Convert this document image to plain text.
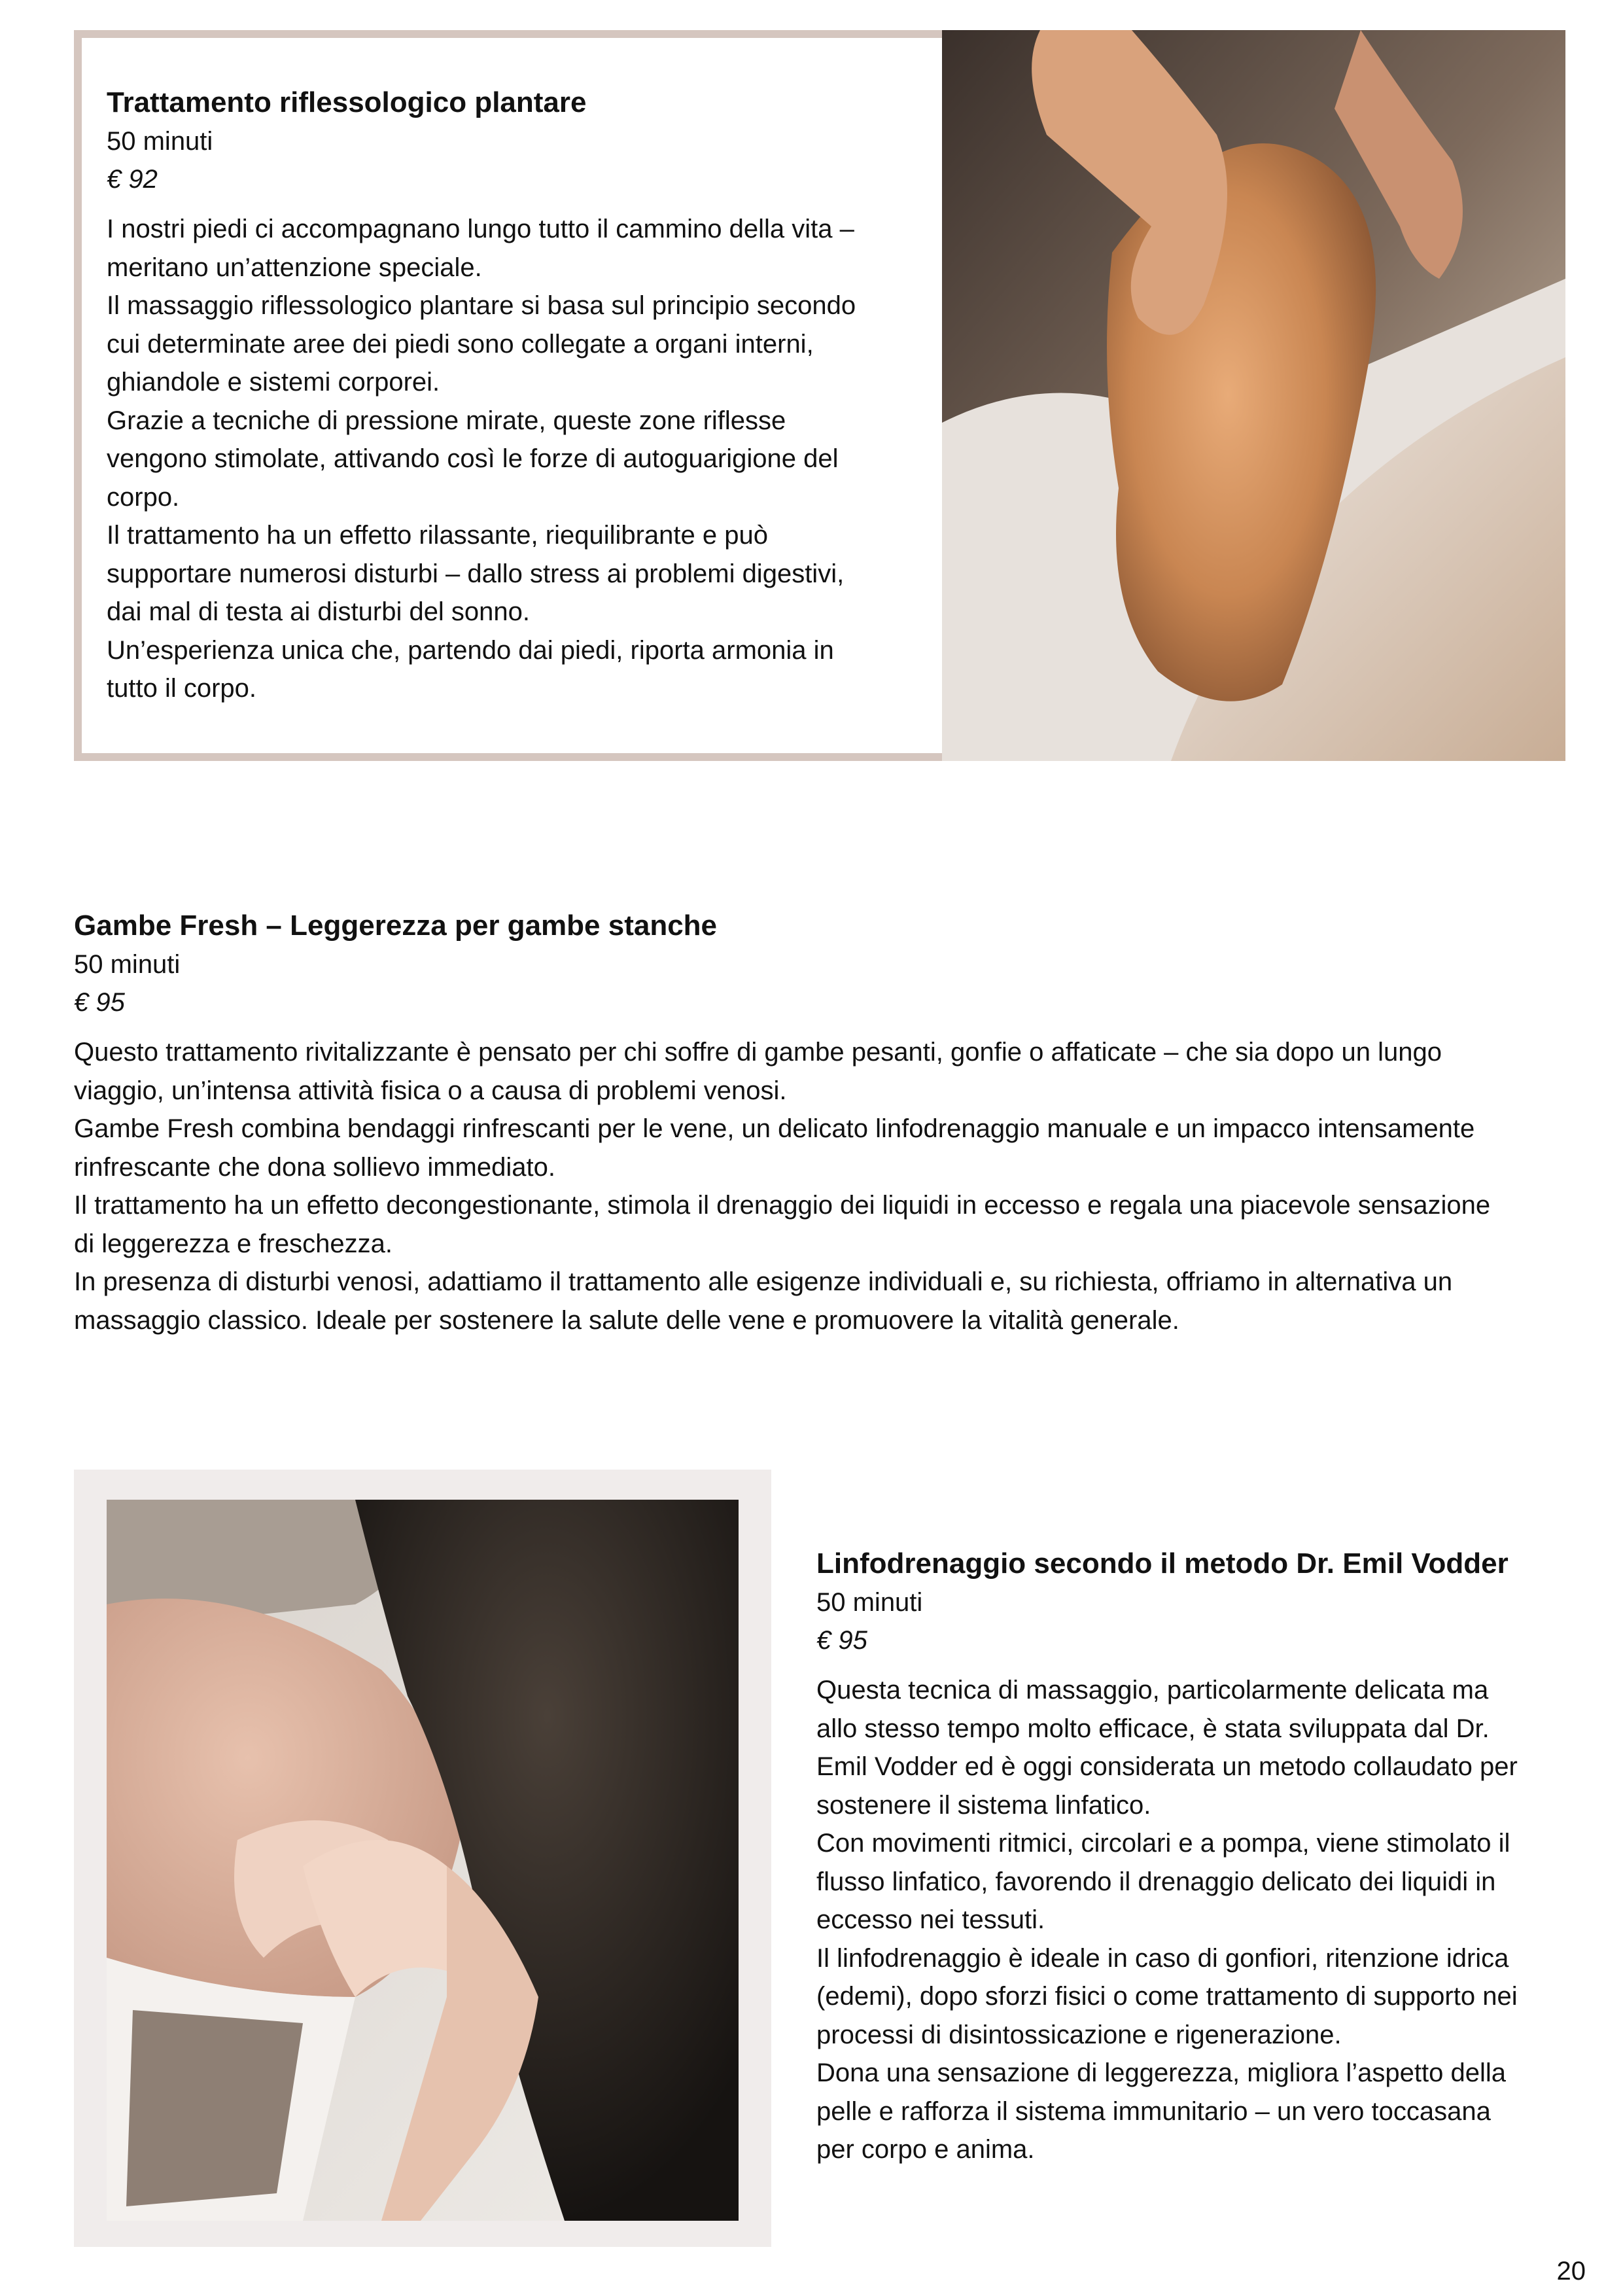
Trattamento riflessologico plantare

50 minuti

€ 92

I nostri piedi ci accompagnano lungo tutto il cammino della vita –
meritano un’attenzione speciale.
Il massaggio riflessologico plantare si basa sul principio secondo
cui determinate aree dei piedi sono collegate a organi interni,
ghiandole e sistemi corporei.
Grazie a tecniche di pressione mirate, queste zone riflesse
vengono stimolate, attivando così le forze di autoguarigione del
corpo.
Il trattamento ha un effetto rilassante, riequilibrante e può
supportare numerosi disturbi – dallo stress ai problemi digestivi,
dai mal di testa ai disturbi del sonno.
Un’esperienza unica che, partendo dai piedi, riporta armonia in
tutto il corpo.

Gambe Fresh – Leggerezza per gambe stanche

50 minuti

€ 95

Questo trattamento rivitalizzante è pensato per chi soffre di gambe pesanti, gonfie o affaticate – che sia dopo un lungo
viaggio, un’intensa attività fisica o a causa di problemi venosi.
Gambe Fresh combina bendaggi rinfrescanti per le vene, un delicato linfodrenaggio manuale e un impacco intensamente
rinfrescante che dona sollievo immediato.
Il trattamento ha un effetto decongestionante, stimola il drenaggio dei liquidi in eccesso e regala una piacevole sensazione
di leggerezza e freschezza.
In presenza di disturbi venosi, adattiamo il trattamento alle esigenze individuali e, su richiesta, offriamo in alternativa un
massaggio classico. Ideale per sostenere la salute delle vene e promuovere la vitalità generale.

Linfodrenaggio secondo il metodo Dr. Emil Vodder

50 minuti

€ 95

Questa tecnica di massaggio, particolarmente delicata ma
allo stesso tempo molto efficace, è stata sviluppata dal Dr.
Emil Vodder ed è oggi considerata un metodo collaudato per
sostenere il sistema linfatico.
Con movimenti ritmici, circolari e a pompa, viene stimolato il
flusso linfatico, favorendo il drenaggio delicato dei liquidi in
eccesso nei tessuti.
Il linfodrenaggio è ideale in caso di gonfiori, ritenzione idrica
(edemi), dopo sforzi fisici o come trattamento di supporto nei
processi di disintossicazione e rigenerazione.
Dona una sensazione di leggerezza, migliora l’aspetto della
pelle e rafforza il sistema immunitario – un vero toccasana
per corpo e anima.
20
